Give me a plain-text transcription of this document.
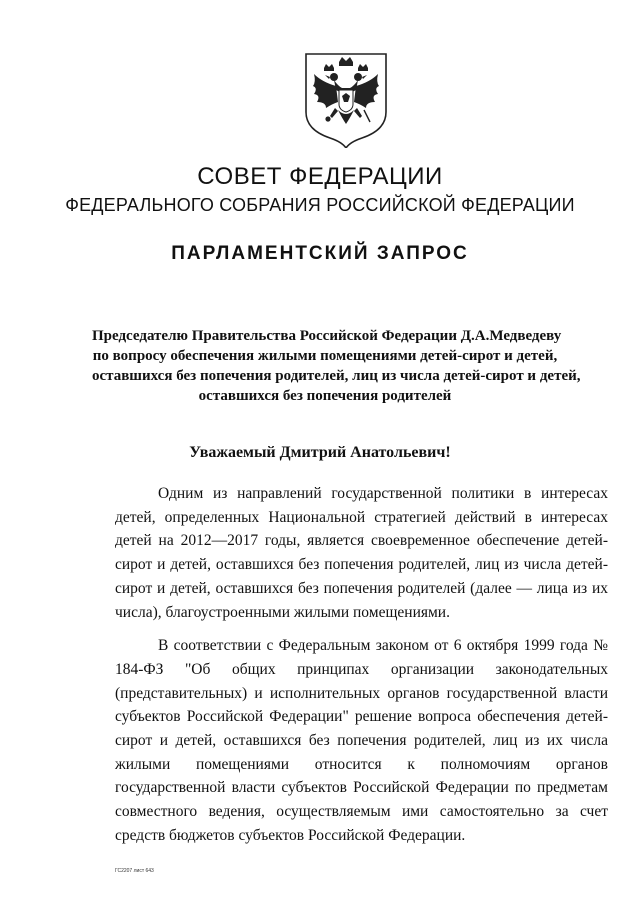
СОВЕТ ФЕДЕРАЦИИ
ФЕДЕРАЛЬНОГО СОБРАНИЯ РОССИЙСКОЙ ФЕДЕРАЦИИ
ПАРЛАМЕНТСКИЙ ЗАПРОС
Председателю Правительства Российской Федерации Д.А.Медведеву
по вопросу обеспечения жилыми помещениями детей-сирот и детей,
оставшихся без попечения родителей, лиц из числа детей-сирот и детей,
оставшихся без попечения родителей
Уважаемый Дмитрий Анатольевич!

Одним из направлений государственной политики в интересах детей, определенных Национальной стратегией действий в интересах детей на 2012—2017 годы, является своевременное обеспечение детей-сирот и детей, оставшихся без попечения родителей, лиц из числа детей-сирот и детей, оставшихся без попечения родителей (далее — лица из их числа), благоустроенными жилыми помещениями.

В соответствии с Федеральным законом от 6 октября 1999 года № 184-ФЗ "Об общих принципах организации законодательных (представительных) и исполнительных органов государственной власти субъектов Российской Федерации" решение вопроса обеспечения детей-сирот и детей, оставшихся без попечения родителей, лиц из их числа жилыми помещениями относится к полномочиям органов государственной власти субъектов Российской Федерации по предметам совместного ведения, осуществляемым ими самостоятельно за счет средств бюджетов субъектов Российской Федерации.

ГС2207 лист 643
